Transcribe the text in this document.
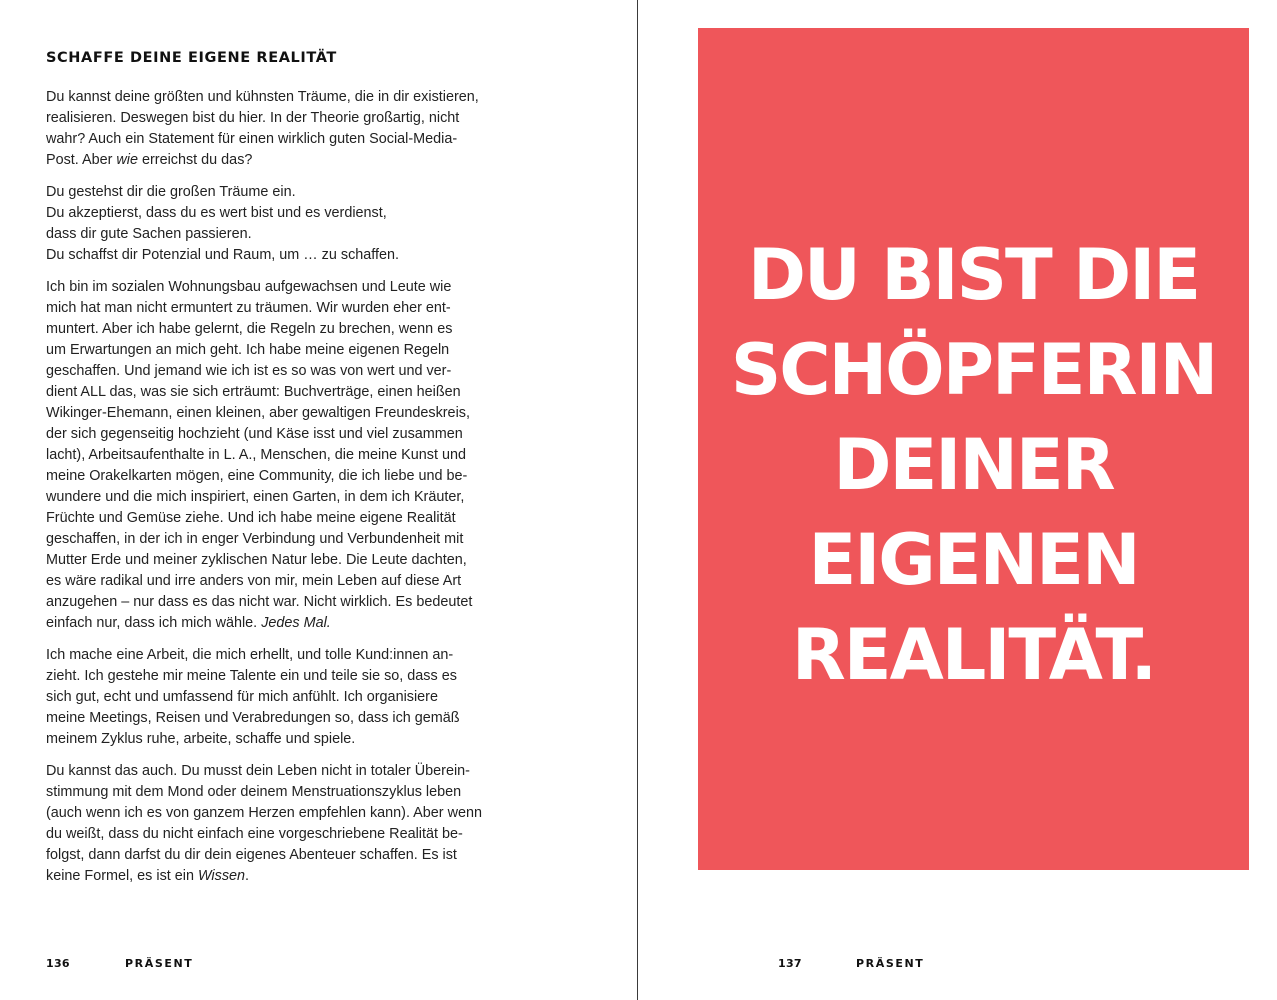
SCHAFFE DEINE EIGENE REALITÄT

Du kannst deine größten und kühnsten Träume, die in dir existieren,
realisieren. Deswegen bist du hier. In der Theorie großartig, nicht
wahr? Auch ein Statement für einen wirklich guten Social-Media-
Post. Aber wie erreichst du das?

Du gestehst dir die großen Träume ein.
Du akzeptierst, dass du es wert bist und es verdienst,
dass dir gute Sachen passieren.
Du schaffst dir Potenzial und Raum, um … zu schaffen.

Ich bin im sozialen Wohnungsbau aufgewachsen und Leute wie
mich hat man nicht ermuntert zu träumen. Wir wurden eher ent-
muntert. Aber ich habe gelernt, die Regeln zu brechen, wenn es
um Erwartungen an mich geht. Ich habe meine eigenen Regeln
geschaffen. Und jemand wie ich ist es so was von wert und ver-
dient ALL das, was sie sich erträumt: Buchverträge, einen heißen
Wikinger-Ehemann, einen kleinen, aber gewaltigen Freundeskreis,
der sich gegenseitig hochzieht (und Käse isst und viel zusammen
lacht), Arbeitsaufenthalte in L. A., Menschen, die meine Kunst und
meine Orakelkarten mögen, eine Community, die ich liebe und be-
wundere und die mich inspiriert, einen Garten, in dem ich Kräuter,
Früchte und Gemüse ziehe. Und ich habe meine eigene Realität
geschaffen, in der ich in enger Verbindung und Verbundenheit mit
Mutter Erde und meiner zyklischen Natur lebe. Die Leute dachten,
es wäre radikal und irre anders von mir, mein Leben auf diese Art
anzugehen – nur dass es das nicht war. Nicht wirklich. Es bedeutet
einfach nur, dass ich mich wähle. Jedes Mal.

Ich mache eine Arbeit, die mich erhellt, und tolle Kund:innen an-
zieht. Ich gestehe mir meine Talente ein und teile sie so, dass es
sich gut, echt und umfassend für mich anfühlt. Ich organisiere
meine Meetings, Reisen und Verabredungen so, dass ich gemäß
meinem Zyklus ruhe, arbeite, schaffe und spiele.

Du kannst das auch. Du musst dein Leben nicht in totaler Überein-
stimmung mit dem Mond oder deinem Menstruationszyklus leben
(auch wenn ich es von ganzem Herzen empfehlen kann). Aber wenn
du weißt, dass du nicht einfach eine vorgeschriebene Realität be-
folgst, dann darfst du dir dein eigenes Abenteuer schaffen. Es ist
keine Formel, es ist ein Wissen.

136	PRÄSENT
DU BIST DIE
SCHÖPFERIN
DEINER
EIGENEN
REALITÄT.
137	PRÄSENT
